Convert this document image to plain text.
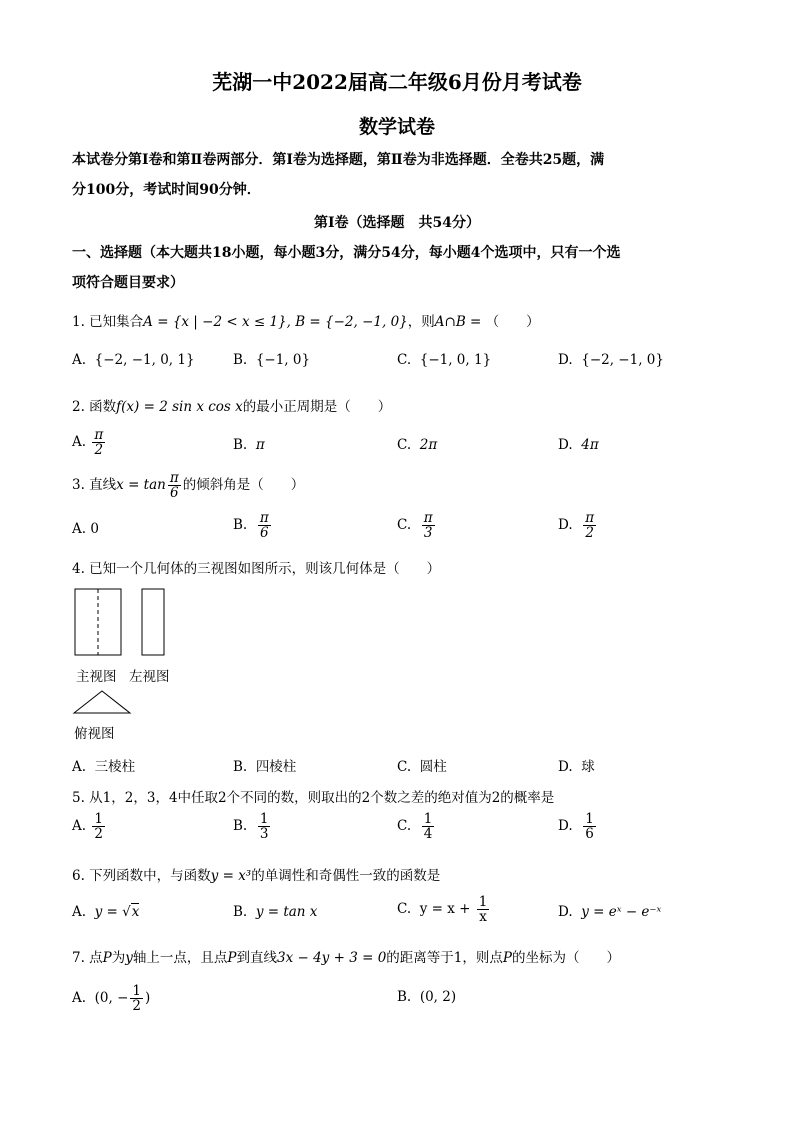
芜湖一中2022届高二年级6月份月考试卷
数学试卷
本试卷分第Ⅰ卷和第Ⅱ卷两部分．第Ⅰ卷为选择题，第Ⅱ卷为非选择题．全卷共25题，满
分100分，考试时间90分钟．
第Ⅰ卷（选择题　共54分）
一、选择题（本大题共18小题，每小题3分，满分54分，每小题4个选项中，只有一个选
项符合题目要求）
1. 已知集合A = {x | −2 < x ≤ 1}, B = {−2, −1, 0}，则A∩B = （　　）
A. {−2, −1, 0, 1}	B. {−1, 0}	C. {−1, 0, 1}	D. {−2, −1, 0}
2. 函数f(x) = 2 sin x cos x的最小正周期是（　　）
A. $\frac{\pi}{2}$	B. π	C. 2π	D. 4π
3. 直线$x = \tan \frac{\pi}{6}$ 的倾斜角是（　　）
A. 0	B. $\frac{\pi}{6}$	C. $\frac{\pi}{3}$	D. $\frac{\pi}{2}$
4. 已知一个几何体的三视图如图所示，则该几何体是（　　）
主视图 左视图
俯视图
A. 三棱柱	B. 四棱柱	C. 圆柱	D. 球
5. 从1，2，3，4中任取2个不同的数，则取出的2个数之差的绝对值为2的概率是
A. $\frac{1}{2}$	B. $\frac{1}{3}$	C. $\frac{1}{4}$	D. $\frac{1}{6}$
6. 下列函数中，与函数y = x³的单调性和奇偶性一致的函数是
A. y = √x	B. y = tan x	C. $y = x + \frac{1}{x}$	D. y = eˣ − e⁻ˣ
7. 点P为y轴上一点，且点P到直线3x − 4y + 3 = 0的距离等于1，则点P的坐标为（　　）
A. (0, − $\frac{1}{2}$ )	B. (0, 2)
